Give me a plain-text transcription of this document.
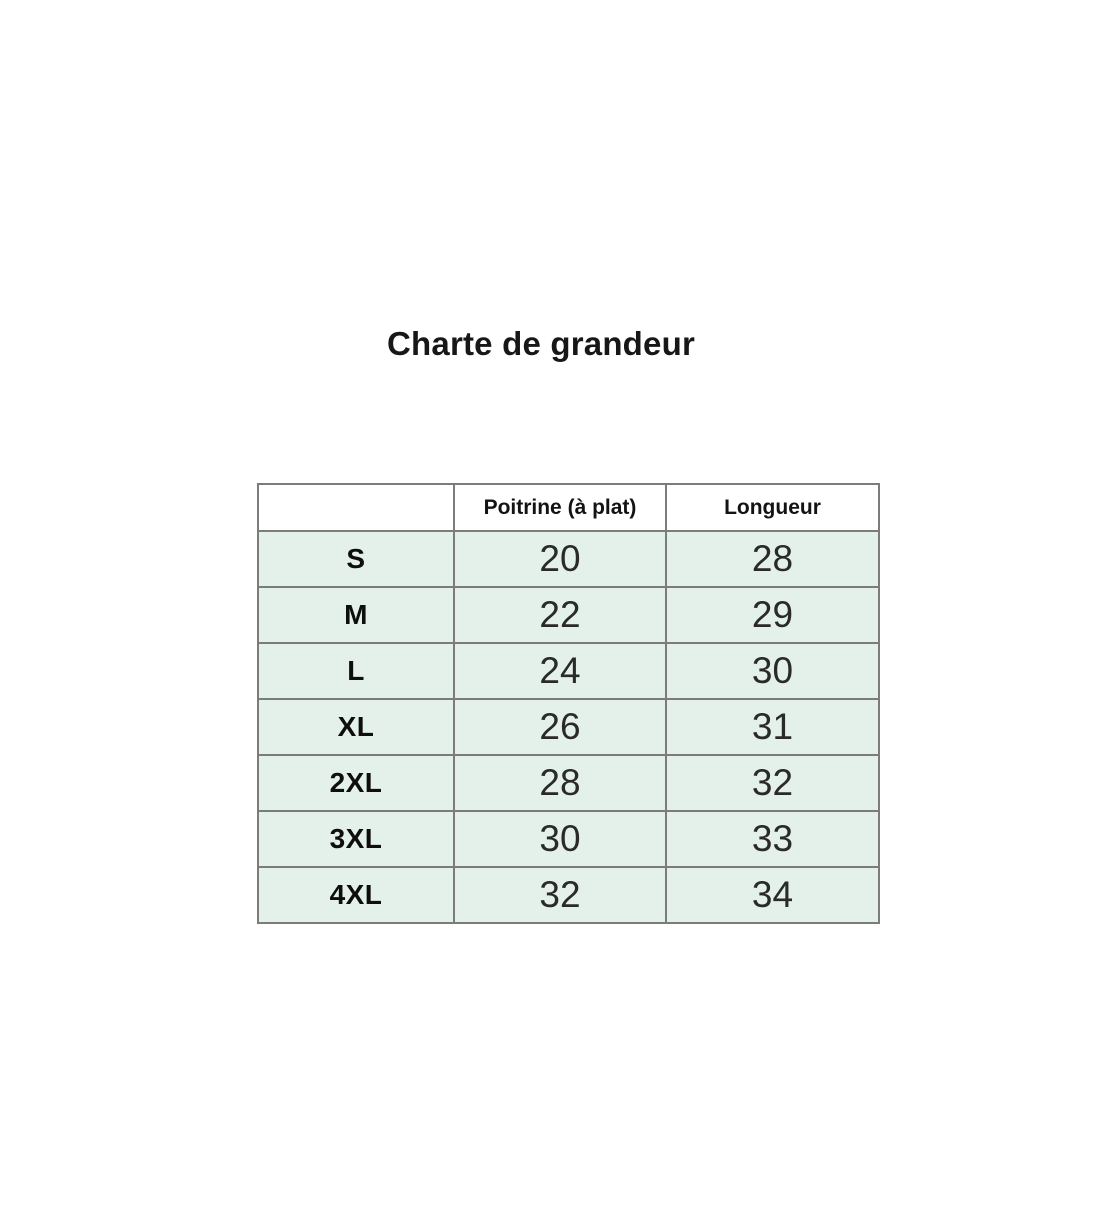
Charte de grandeur
	Poitrine (à plat)	Longueur
S	20	28
M	22	29
L	24	30
XL	26	31
2XL	28	32
3XL	30	33
4XL	32	34
